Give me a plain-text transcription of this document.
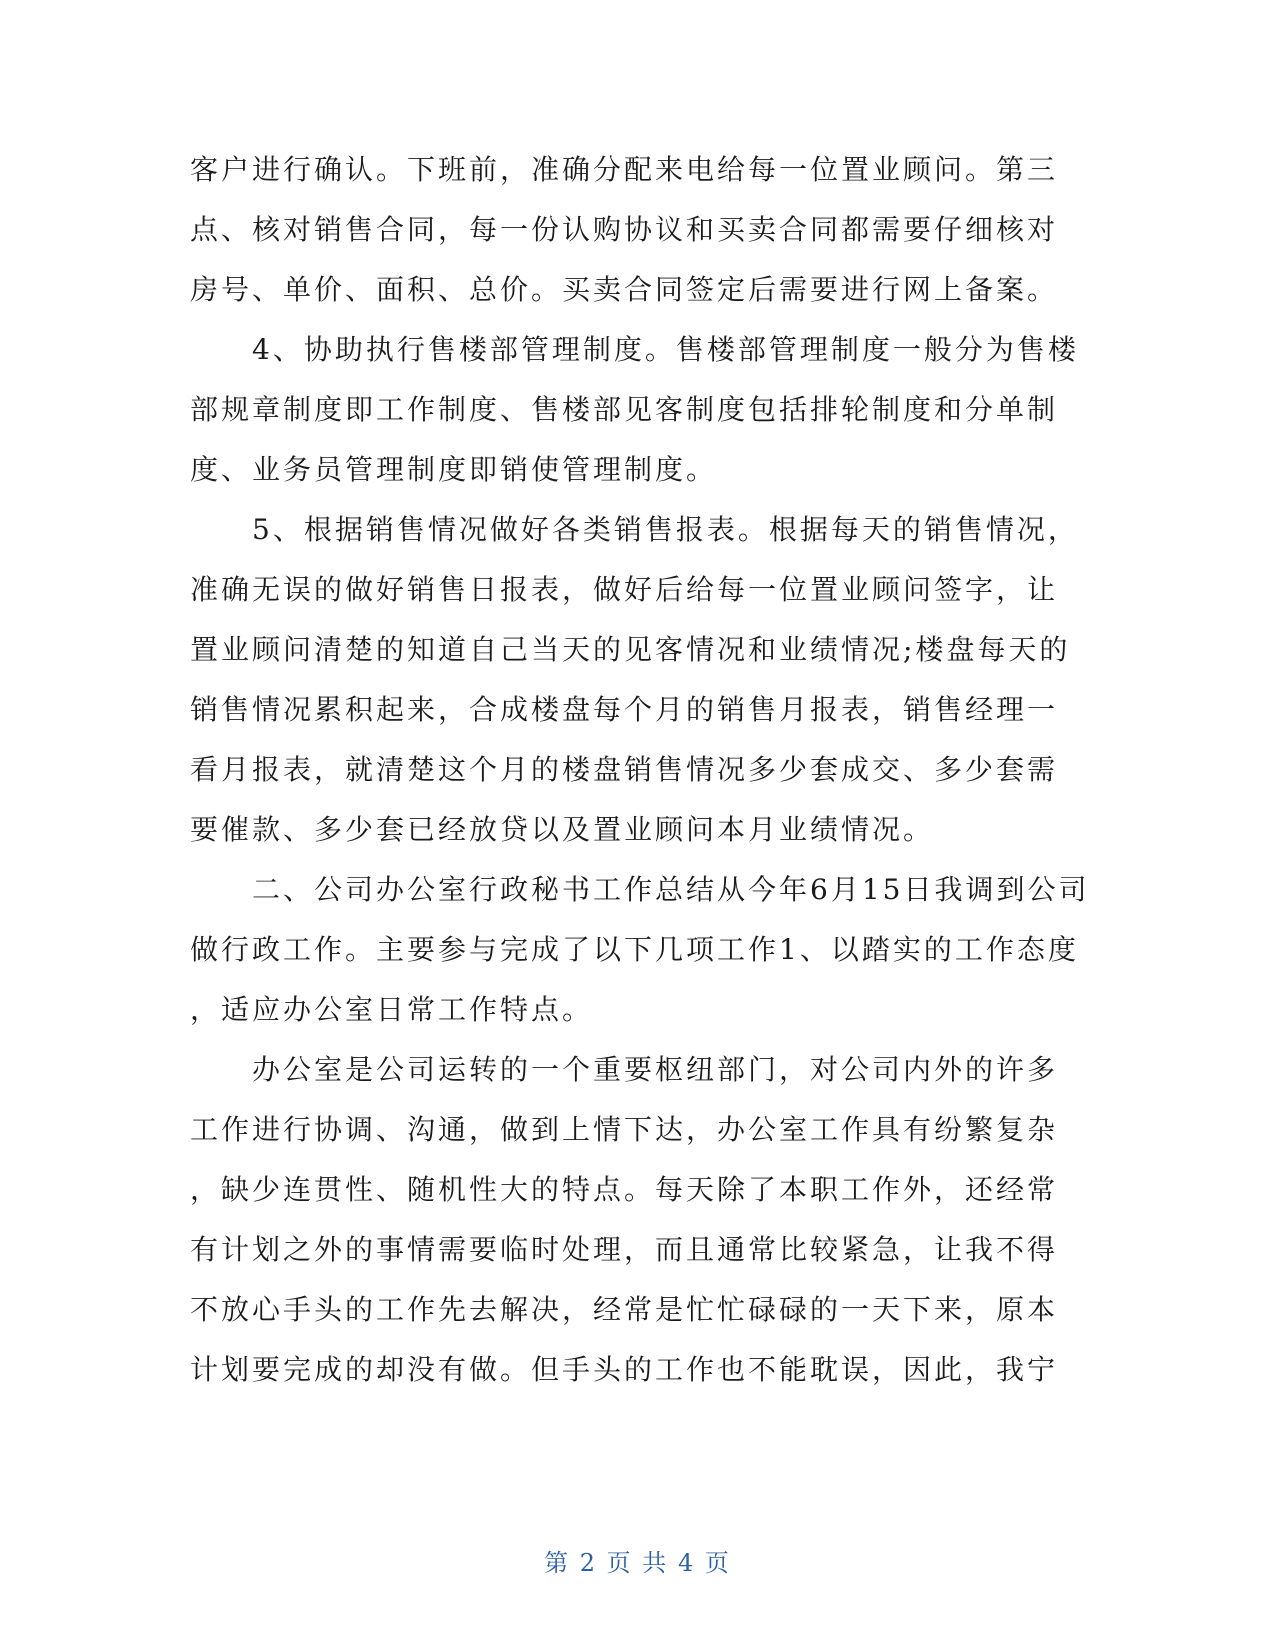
客户进行确认。下班前，准确分配来电给每一位置业顾问。第三
点、核对销售合同，每一份认购协议和买卖合同都需要仔细核对
房号、单价、面积、总价。买卖合同签定后需要进行网上备案。
　　4、协助执行售楼部管理制度。售楼部管理制度一般分为售楼
部规章制度即工作制度、售楼部见客制度包括排轮制度和分单制
度、业务员管理制度即销使管理制度。
　　5、根据销售情况做好各类销售报表。根据每天的销售情况，
准确无误的做好销售日报表，做好后给每一位置业顾问签字，让
置业顾问清楚的知道自己当天的见客情况和业绩情况;楼盘每天的
销售情况累积起来，合成楼盘每个月的销售月报表，销售经理一
看月报表，就清楚这个月的楼盘销售情况多少套成交、多少套需
要催款、多少套已经放贷以及置业顾问本月业绩情况。
　　二、公司办公室行政秘书工作总结从今年6月15日我调到公司
做行政工作。主要参与完成了以下几项工作1、以踏实的工作态度
，适应办公室日常工作特点。
　　办公室是公司运转的一个重要枢纽部门，对公司内外的许多
工作进行协调、沟通，做到上情下达，办公室工作具有纷繁复杂
，缺少连贯性、随机性大的特点。每天除了本职工作外，还经常
有计划之外的事情需要临时处理，而且通常比较紧急，让我不得
不放心手头的工作先去解决，经常是忙忙碌碌的一天下来，原本
计划要完成的却没有做。但手头的工作也不能耽误，因此，我宁
第 2 页 共 4 页
